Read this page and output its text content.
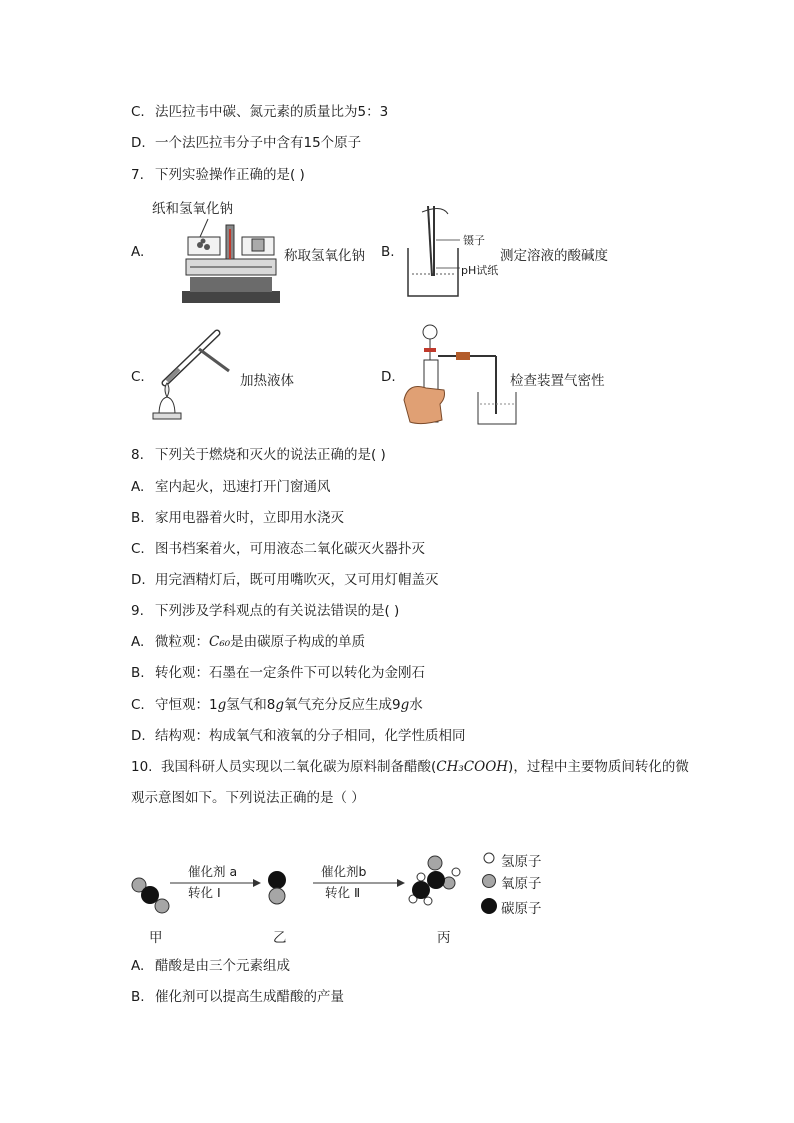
C. 法匹拉韦中碳、氮元素的质量比为5：3
D. 一个法匹拉韦分子中含有15个原子
7. 下列实验操作正确的是( )
A.
纸和氢氧化钠
称取氢氧化钠 B.
镊子
pH试纸
测定溶液的酸碱度
C.	加热液体	D.	检查装置气密性
8. 下列关于燃烧和灭火的说法正确的是( )
A. 室内起火，迅速打开门窗通风
B. 家用电器着火时，立即用水浇灭
C. 图书档案着火，可用液态二氧化碳灭火器扑灭
D. 用完酒精灯后，既可用嘴吹灭，又可用灯帽盖灭
9. 下列涉及学科观点的有关说法错误的是( )
A. 微粒观：C₆₀是由碳原子构成的单质
B. 转化观：石墨在一定条件下可以转化为金刚石
C. 守恒观：1g氢气和8g氧气充分反应生成9g水
D. 结构观：构成氧气和液氧的分子相同，化学性质相同
10. 我国科研人员实现以二氧化碳为原料制备醋酸(CH₃COOH)，过程中主要物质间转化的微
观示意图如下。下列说法正确的是（ ）
催化剂 a
转化 Ⅰ
催化剂b
转化 Ⅱ
氢原子
氧原子
碳原子
甲	乙	丙
A. 醋酸是由三个元素组成
B. 催化剂可以提高生成醋酸的产量
